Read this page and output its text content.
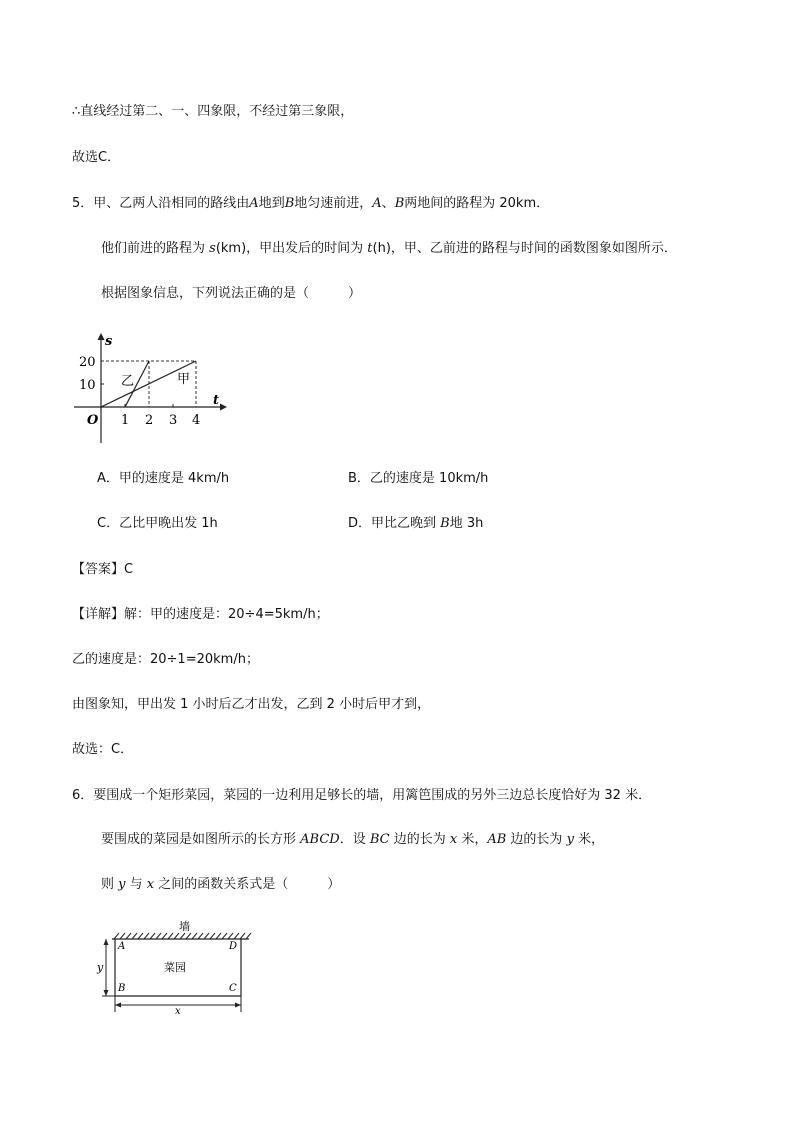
∴直线经过第二、一、四象限，不经过第三象限，
故选C．
5．甲、乙两人沿相同的路线由A地到B地匀速前进，A、B两地间的路程为 20km．
他们前进的路程为 s(km)，甲出发后的时间为 t(h)，甲、乙前进的路程与时间的函数图象如图所示．
根据图象信息，下列说法正确的是（　　　）
s
t
O
20
10
1 2 3 4
乙	甲
A．甲的速度是 4km/h	B．乙的速度是 10km/h
C．乙比甲晚出发 1h	D．甲比乙晚到 B地 3h
【答案】C
【详解】解：甲的速度是：20÷4=5km/h；
乙的速度是：20÷1=20km/h；
由图象知，甲出发 1 小时后乙才出发，乙到 2 小时后甲才到，
故选：C．
6．要围成一个矩形菜园，菜园的一边利用足够长的墙，用篱笆围成的另外三边总长度恰好为 32 米．
要围成的菜园是如图所示的长方形 ABCD．设 BC 边的长为 x 米，AB 边的长为 y 米，
则 y 与 x 之间的函数关系式是（　　　）
墙
A	D
B	C
菜园
y
x
